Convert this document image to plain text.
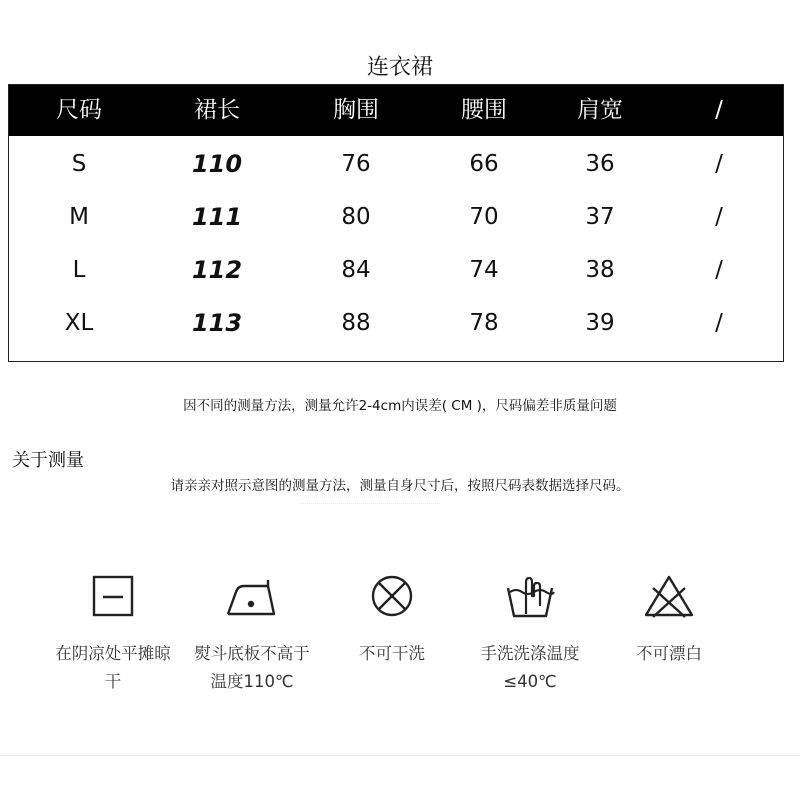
连衣裙
尺码	裙长	胸围	腰围	肩宽	/
S	110	76	66	36	/
M	111	80	70	37	/
L	112	84	74	38	/
XL	113	88	78	39	/
因不同的测量方法，测量允许2-4cm内误差( CM )，尺码偏差非质量问题
关于测量
请亲亲对照示意图的测量方法，测量自身尺寸后，按照尺码表数据选择尺码。
在阴凉处平摊晾干
熨斗底板不高于温度110℃
不可干洗	手洗洗涤温度≤40℃
不可漂白
